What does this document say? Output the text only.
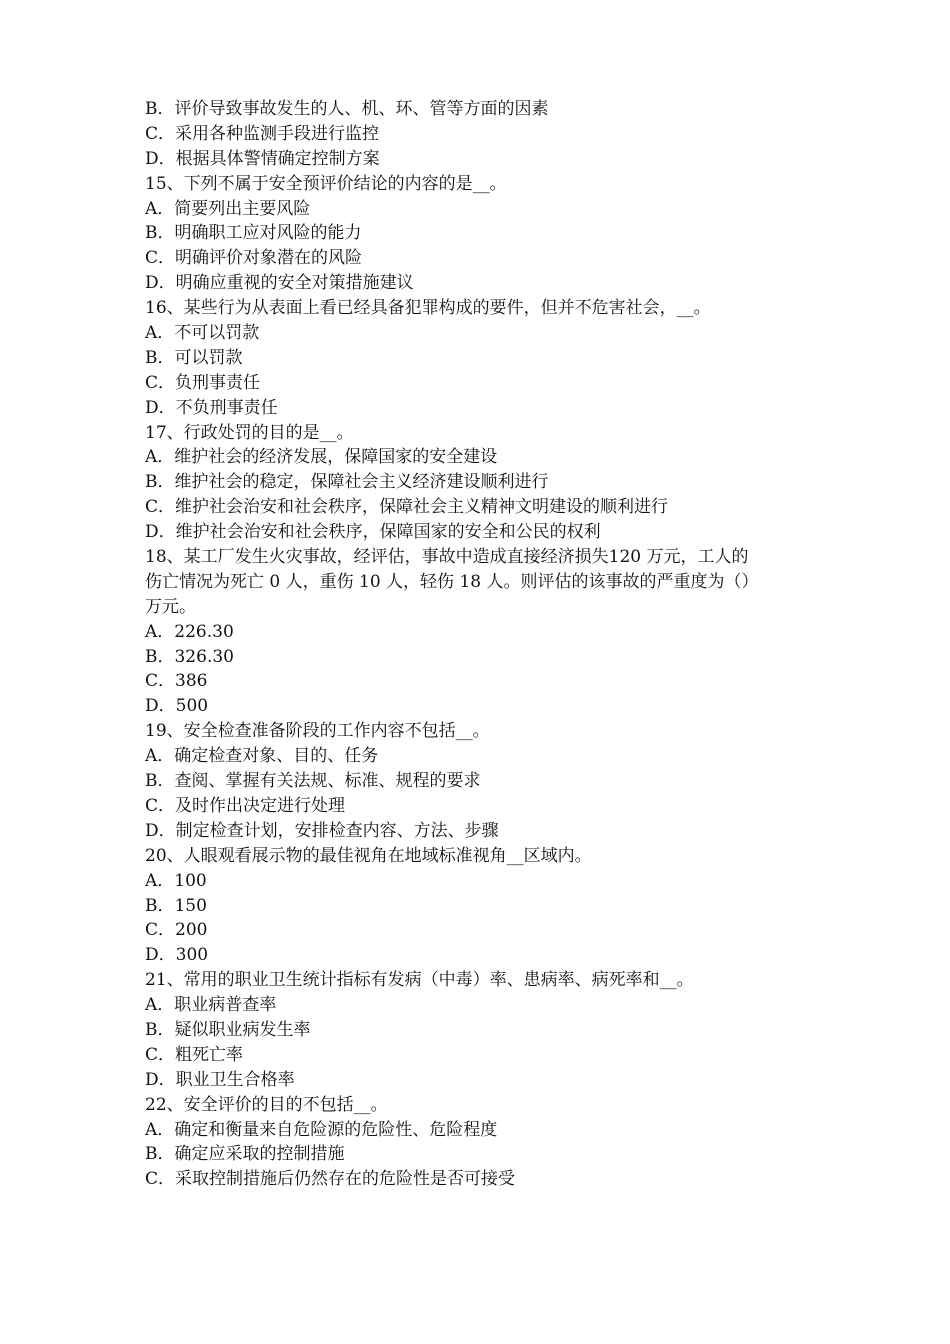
B．评价导致事故发生的人、机、环、管等方面的因素
C．采用各种监测手段进行监控
D．根据具体警情确定控制方案
15、下列不属于安全预评价结论的内容的是__。
A．简要列出主要风险
B．明确职工应对风险的能力
C．明确评价对象潜在的风险
D．明确应重视的安全对策措施建议
16、某些行为从表面上看已经具备犯罪构成的要件，但并不危害社会，__。
A．不可以罚款
B．可以罚款
C．负刑事责任
D．不负刑事责任
17、行政处罚的目的是__。
A．维护社会的经济发展，保障国家的安全建设
B．维护社会的稳定，保障社会主义经济建设顺利进行
C．维护社会治安和社会秩序，保障社会主义精神文明建设的顺利进行
D．维护社会治安和社会秩序，保障国家的安全和公民的权利
18、某工厂发生火灾事故，经评估，事故中造成直接经济损失120 万元，工人的
伤亡情况为死亡 0 人，重伤 10 人，轻伤 18 人。则评估的该事故的严重度为（）
万元。
A．226.30
B．326.30
C．386
D．500
19、安全检查准备阶段的工作内容不包括__。
A．确定检查对象、目的、任务
B．查阅、掌握有关法规、标准、规程的要求
C．及时作出决定进行处理
D．制定检查计划，安排检查内容、方法、步骤
20、人眼观看展示物的最佳视角在地域标准视角__区域内。
A．100
B．150
C．200
D．300
21、常用的职业卫生统计指标有发病（中毒）率、患病率、病死率和__。
A．职业病普查率
B．疑似职业病发生率
C．粗死亡率
D．职业卫生合格率
22、安全评价的目的不包括__。
A．确定和衡量来自危险源的危险性、危险程度
B．确定应采取的控制措施
C．采取控制措施后仍然存在的危险性是否可接受
